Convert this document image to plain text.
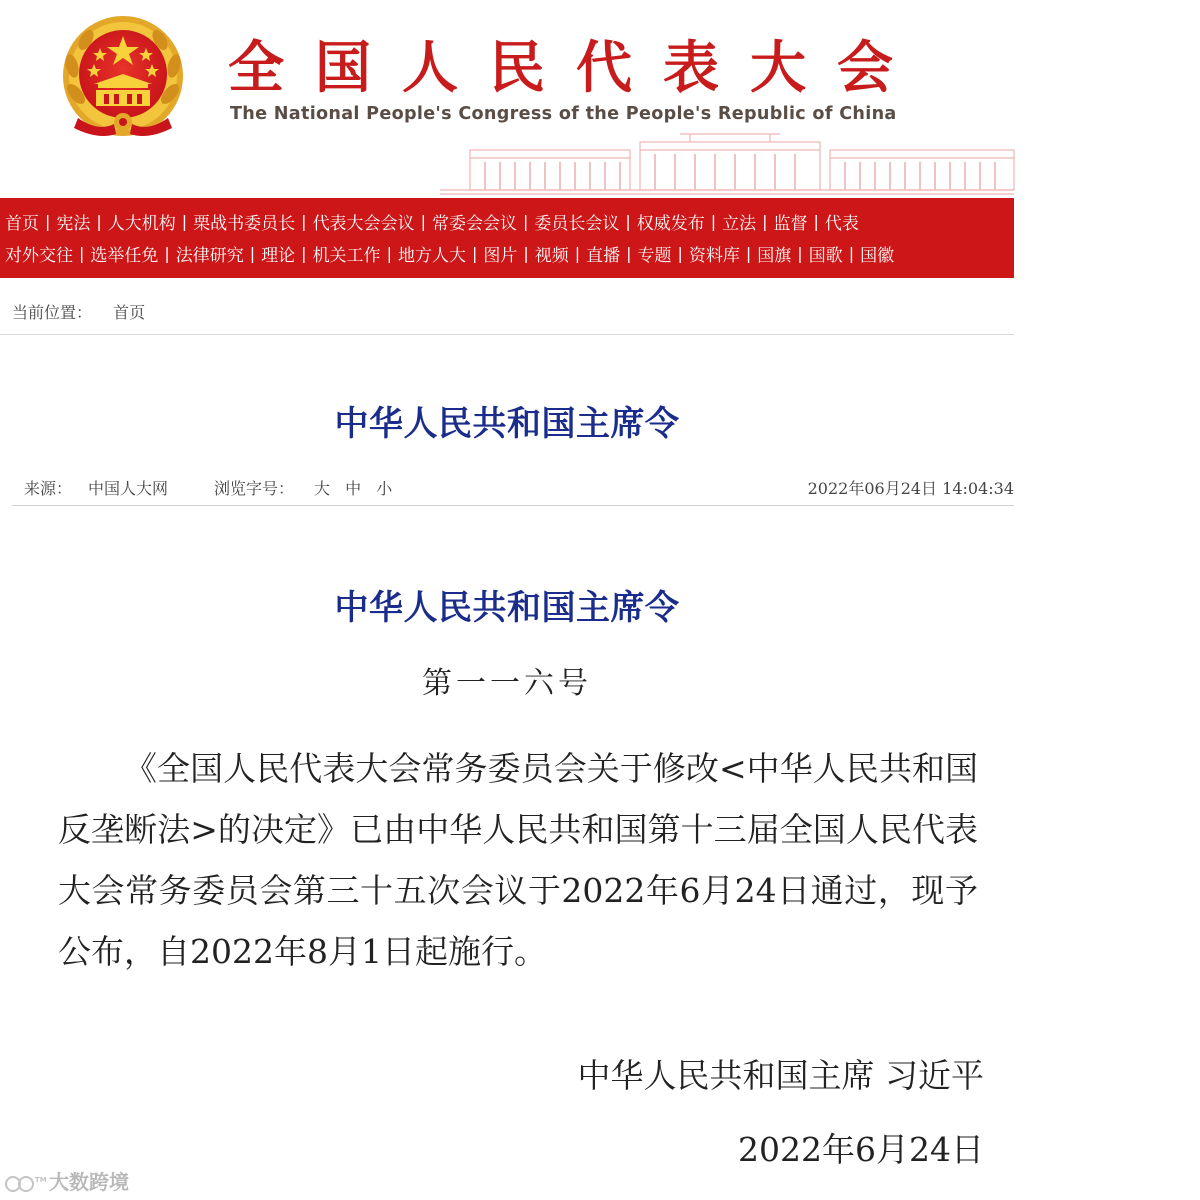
全国人民代表大会
The National People's Congress of the People's Republic of China
首页 | 宪法 | 人大机构 | 栗战书委员长 | 代表大会会议 | 常委会会议 | 委员长会议 | 权威发布 | 立法 | 监督 | 代表
对外交往 | 选举任免 | 法律研究 | 理论 | 机关工作 | 地方人大 | 图片 | 视频 | 直播 | 专题 | 资料库 | 国旗 | 国歌 | 国徽
当前位置： 首页
中华人民共和国主席令
来源： 中国人大网	浏览字号： 大 中 小	2022年06月24日 14:04:34
中华人民共和国主席令
第一一六号
《全国人民代表大会常务委员会关于修改<中华人民共和国反垄断法>的决定》已由中华人民共和国第十三届全国人民代表大会常务委员会第三十五次会议于2022年6月24日通过，现予公布，自2022年8月1日起施行。
中华人民共和国主席 习近平
2022年6月24日
TM 大数跨境
